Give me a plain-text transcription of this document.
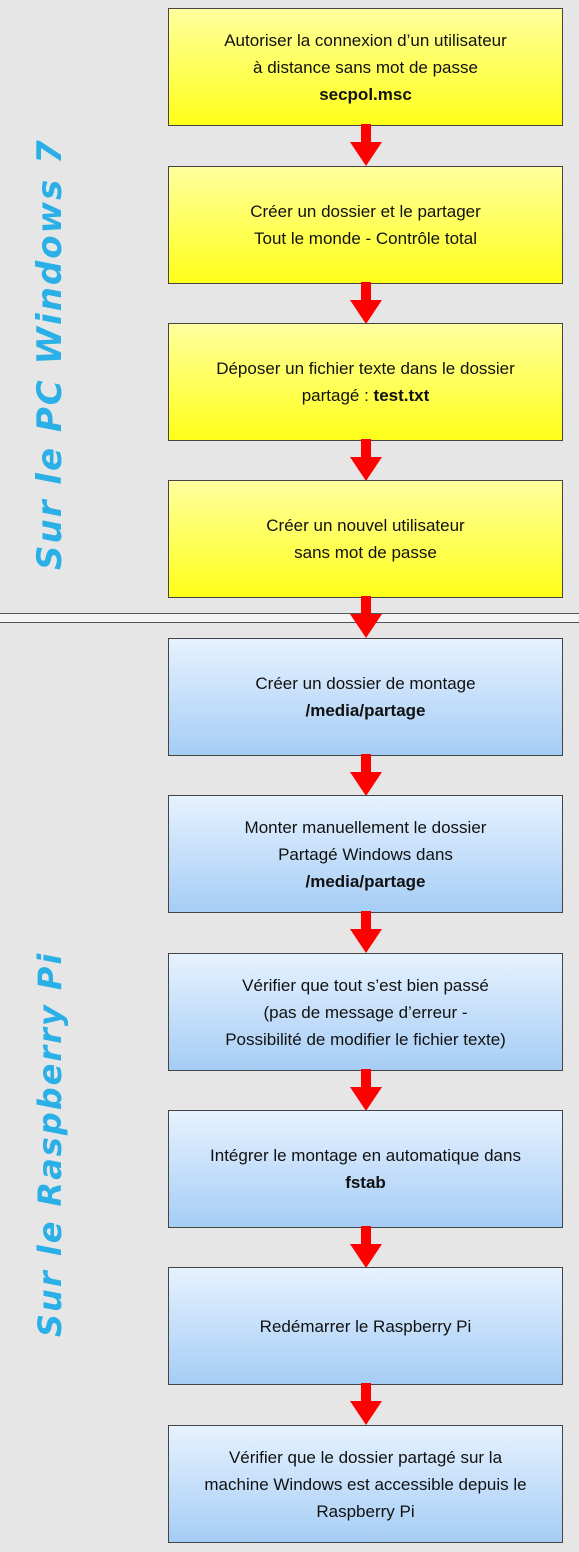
Sur le PC Windows 7
Sur le Raspberry Pi
Autoriser la connexion d’un utilisateur
à distance sans mot de passe
secpol.msc
Créer un dossier et le partager
Tout le monde - Contrôle total
Déposer un fichier texte dans le dossier
partagé : test.txt
Créer un nouvel utilisateur
sans mot de passe
Créer un dossier de montage
/media/partage
Monter manuellement le dossier
Partagé Windows dans
/media/partage
Vérifier que tout s’est bien passé
(pas de message d’erreur -
Possibilité de modifier le fichier texte)
Intégrer le montage en automatique dans
fstab
Redémarrer le Raspberry Pi
Vérifier que le dossier partagé sur la
machine Windows est accessible depuis le
Raspberry Pi
